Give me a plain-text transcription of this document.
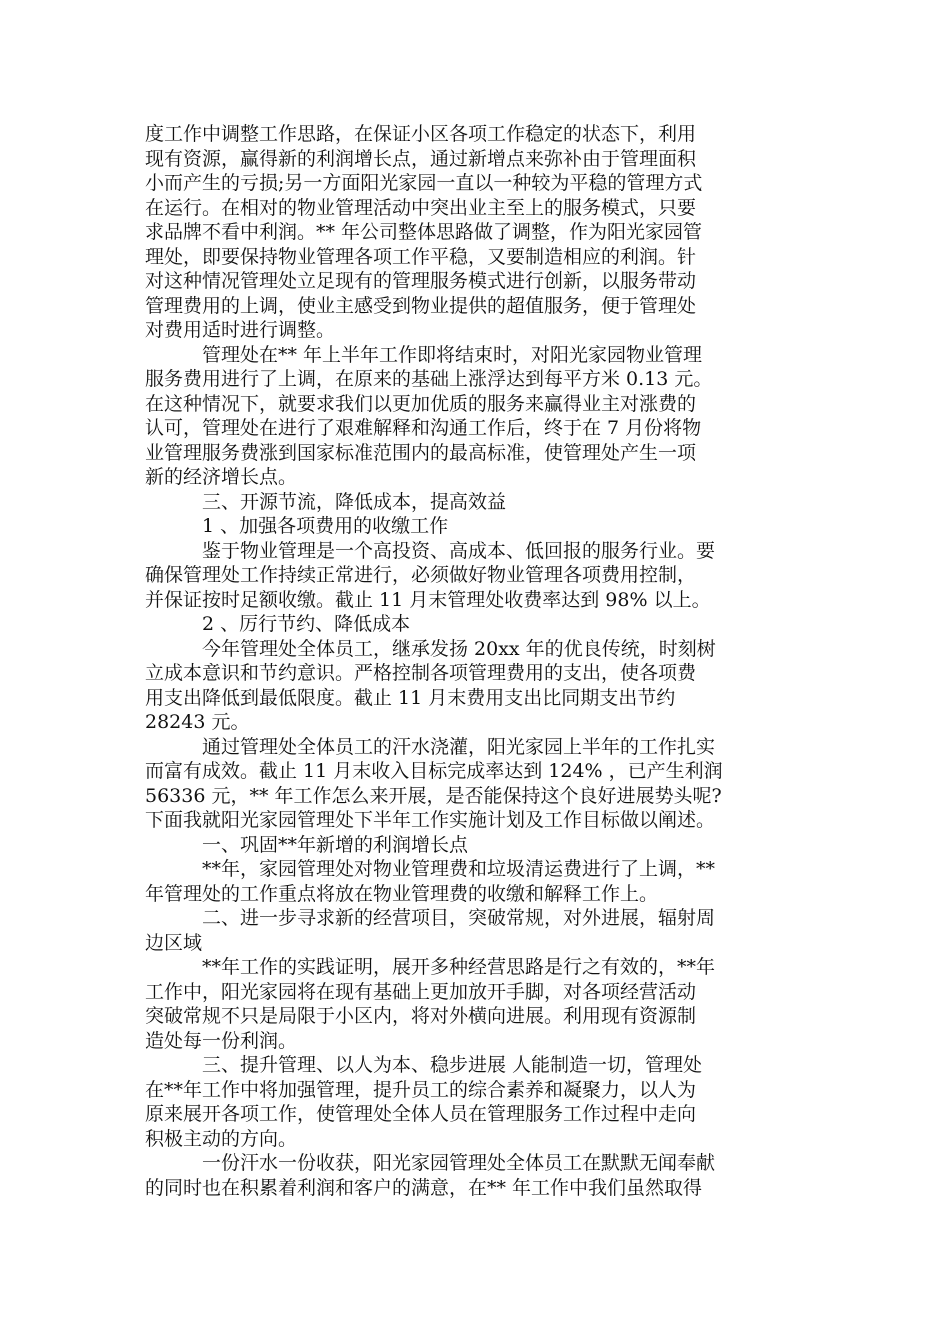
度工作中调整工作思路，在保证小区各项工作稳定的状态下，利用
现有资源，赢得新的利润增长点，通过新增点来弥补由于管理面积
小而产生的亏损;另一方面阳光家园一直以一种较为平稳的管理方式
在运行。在相对的物业管理活动中突出业主至上的服务模式，只要
求品牌不看中利润。** 年公司整体思路做了调整，作为阳光家园管
理处，即要保持物业管理各项工作平稳，又要制造相应的利润。针
对这种情况管理处立足现有的管理服务模式进行创新，以服务带动
管理费用的上调，使业主感受到物业提供的超值服务，便于管理处
对费用适时进行调整。
管理处在** 年上半年工作即将结束时，对阳光家园物业管理
服务费用进行了上调，在原来的基础上涨浮达到每平方米 0.13 元。
在这种情况下，就要求我们以更加优质的服务来赢得业主对涨费的
认可，管理处在进行了艰难解释和沟通工作后，终于在 7 月份将物
业管理服务费涨到国家标准范围内的最高标准，使管理处产生一项
新的经济增长点。
三、开源节流，降低成本，提高效益
1 、加强各项费用的收缴工作
鉴于物业管理是一个高投资、高成本、低回报的服务行业。要
确保管理处工作持续正常进行，必须做好物业管理各项费用控制，
并保证按时足额收缴。截止 11 月末管理处收费率达到 98% 以上。
2 、厉行节约、降低成本
今年管理处全体员工，继承发扬 20xx 年的优良传统，时刻树
立成本意识和节约意识。严格控制各项管理费用的支出，使各项费
用支出降低到最低限度。截止 11 月末费用支出比同期支出节约
28243 元。
通过管理处全体员工的汗水浇灌，阳光家园上半年的工作扎实
而富有成效。截止 11 月末收入目标完成率达到 124% ，已产生利润
56336 元，** 年工作怎么来开展，是否能保持这个良好进展势头呢?
下面我就阳光家园管理处下半年工作实施计划及工作目标做以阐述。
一、巩固**年新增的利润增长点
**年，家园管理处对物业管理费和垃圾清运费进行了上调，**
年管理处的工作重点将放在物业管理费的收缴和解释工作上。
二、进一步寻求新的经营项目，突破常规，对外进展，辐射周
边区域
**年工作的实践证明，展开多种经营思路是行之有效的，**年
工作中，阳光家园将在现有基础上更加放开手脚，对各项经营活动
突破常规不只是局限于小区内，将对外横向进展。利用现有资源制
造处每一份利润。
三、提升管理、以人为本、稳步进展 人能制造一切，管理处
在**年工作中将加强管理，提升员工的综合素养和凝聚力，以人为
原来展开各项工作，使管理处全体人员在管理服务工作过程中走向
积极主动的方向。
一份汗水一份收获，阳光家园管理处全体员工在默默无闻奉献
的同时也在积累着利润和客户的满意，在** 年工作中我们虽然取得
